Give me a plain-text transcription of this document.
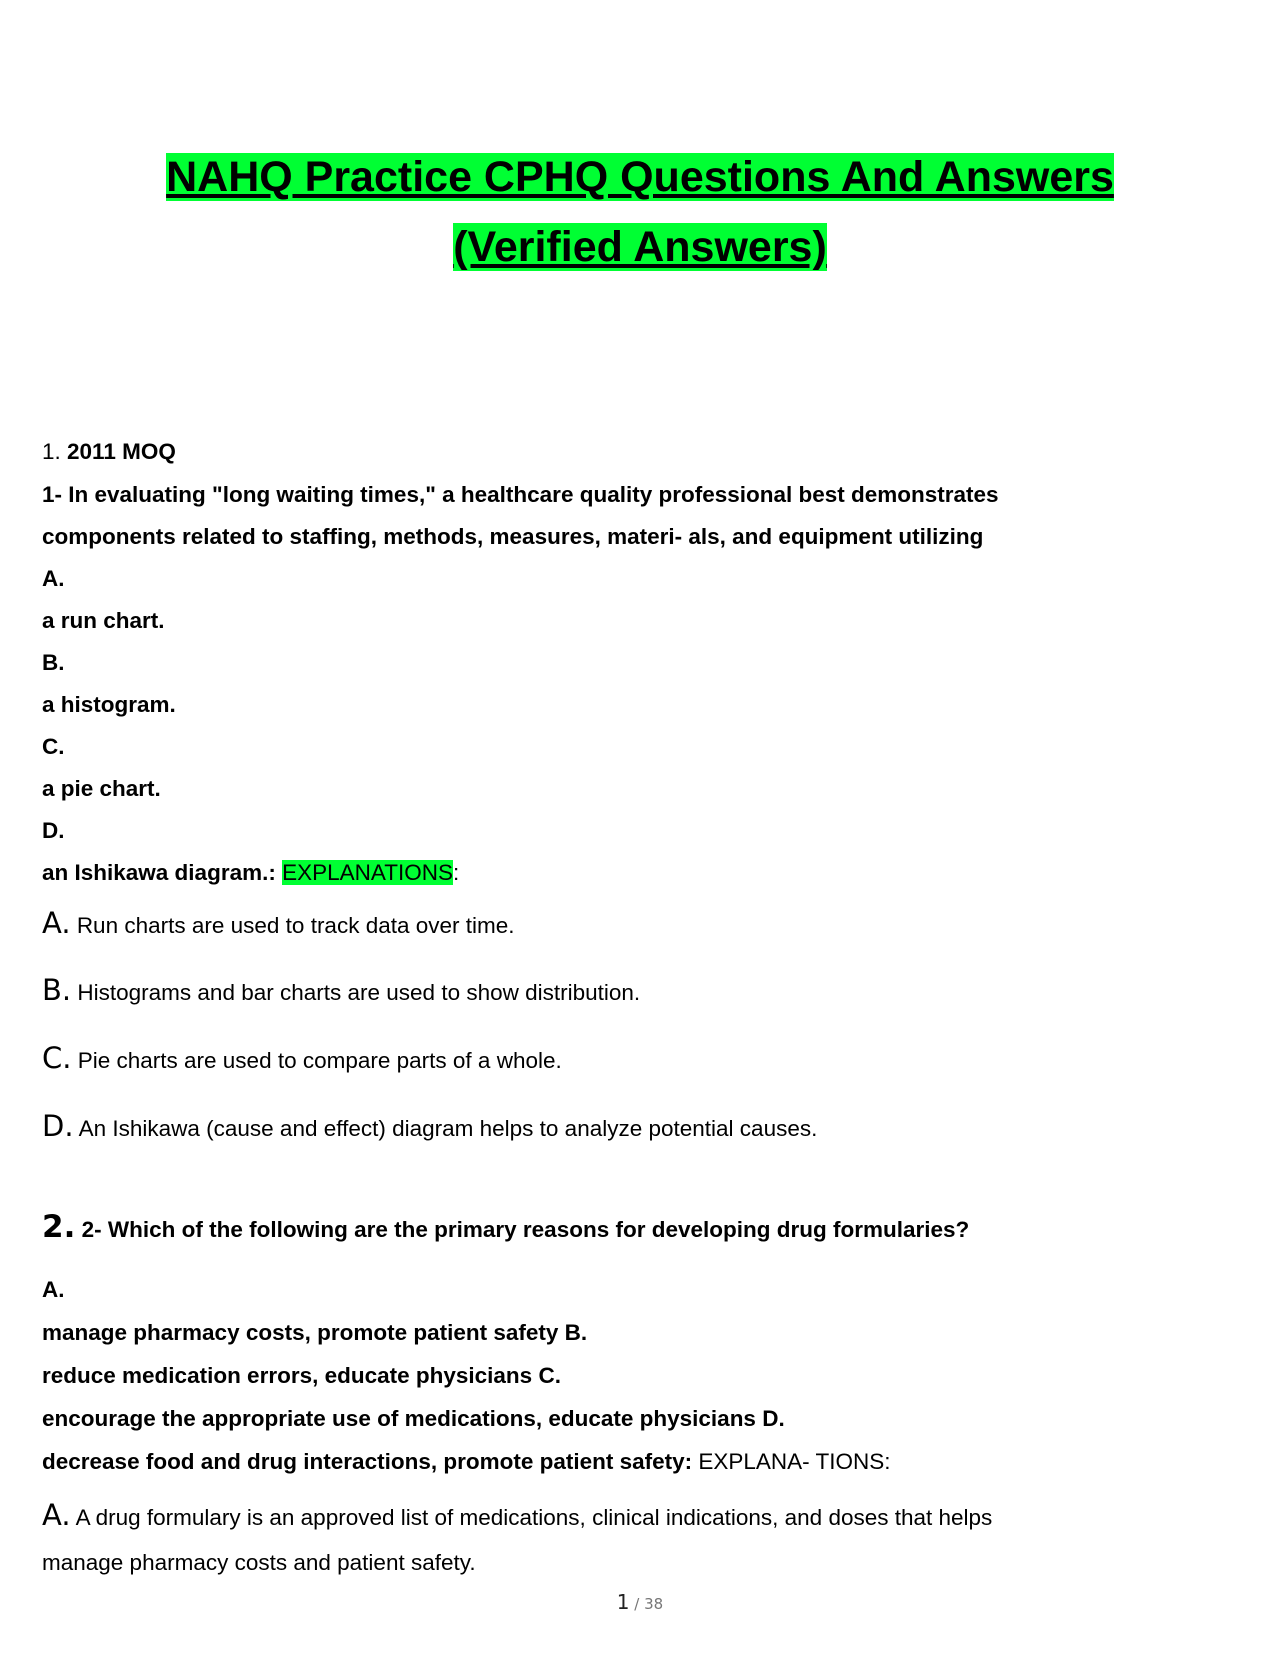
NAHQ Practice CPHQ Questions And Answers
(Verified Answers)
1. 2011 MOQ
1- In evaluating "long waiting times," a healthcare quality professional best demonstrates
components related to staffing, methods, measures, materi- als, and equipment utilizing
A.
a run chart.
B.
a histogram.
C.
a pie chart.
D.
an Ishikawa diagram.: EXPLANATIONS:
A. Run charts are used to track data over time.
B. Histograms and bar charts are used to show distribution.
C. Pie charts are used to compare parts of a whole.
D. An Ishikawa (cause and effect) diagram helps to analyze potential causes.
2. 2- Which of the following are the primary reasons for developing drug formularies?
A.
manage pharmacy costs, promote patient safety B.
reduce medication errors, educate physicians C.
encourage the appropriate use of medications, educate physicians D.
decrease food and drug interactions, promote patient safety: EXPLANA- TIONS:
A. A drug formulary is an approved list of medications, clinical indications, and doses that helps
manage pharmacy costs and patient safety.
1 / 38
